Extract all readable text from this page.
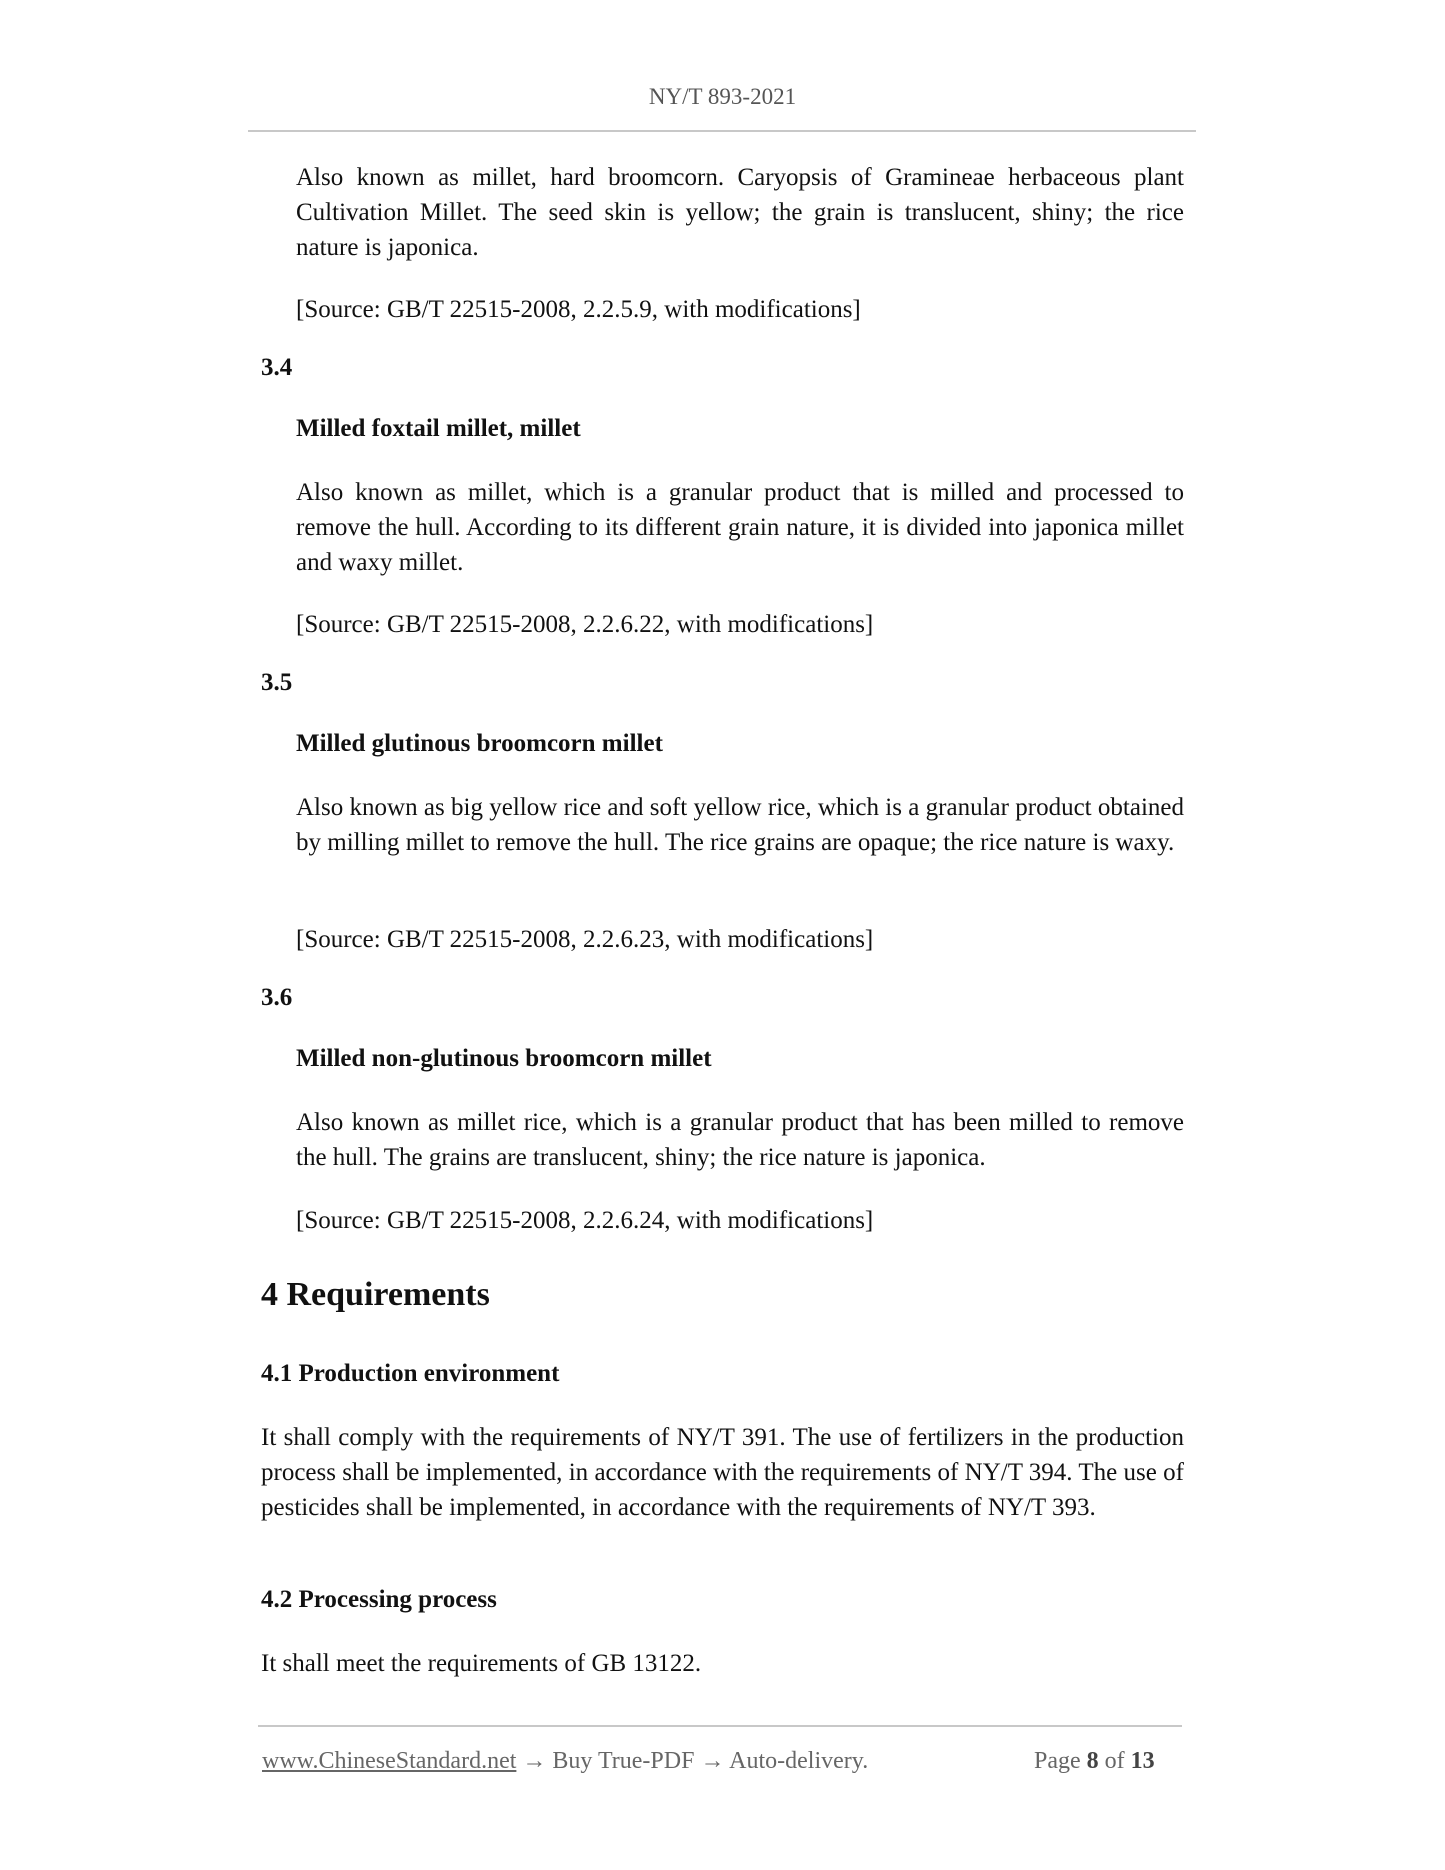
NY/T 893-2021

Also known as millet, hard broomcorn. Caryopsis of Gramineae herbaceous plant Cultivation Millet. The seed skin is yellow; the grain is translucent, shiny; the rice nature is japonica.

[Source: GB/T 22515-2008, 2.2.5.9, with modifications]

3.4
Milled foxtail millet, millet

Also known as millet, which is a granular product that is milled and processed to remove the hull. According to its different grain nature, it is divided into japonica millet and waxy millet.

[Source: GB/T 22515-2008, 2.2.6.22, with modifications]

3.5
Milled glutinous broomcorn millet

Also known as big yellow rice and soft yellow rice, which is a granular product obtained by milling millet to remove the hull. The rice grains are opaque; the rice nature is waxy.

[Source: GB/T 22515-2008, 2.2.6.23, with modifications]

3.6
Milled non-glutinous broomcorn millet

Also known as millet rice, which is a granular product that has been milled to remove the hull. The grains are translucent, shiny; the rice nature is japonica.

[Source: GB/T 22515-2008, 2.2.6.24, with modifications]

4 Requirements
4.1 Production environment

It shall comply with the requirements of NY/T 391. The use of fertilizers in the production process shall be implemented, in accordance with the requirements of NY/T 394. The use of pesticides shall be implemented, in accordance with the requirements of NY/T 393.

4.2 Processing process

It shall meet the requirements of GB 13122.

www.ChineseStandard.net → Buy True-PDF → Auto-delivery.	Page 8 of 13
